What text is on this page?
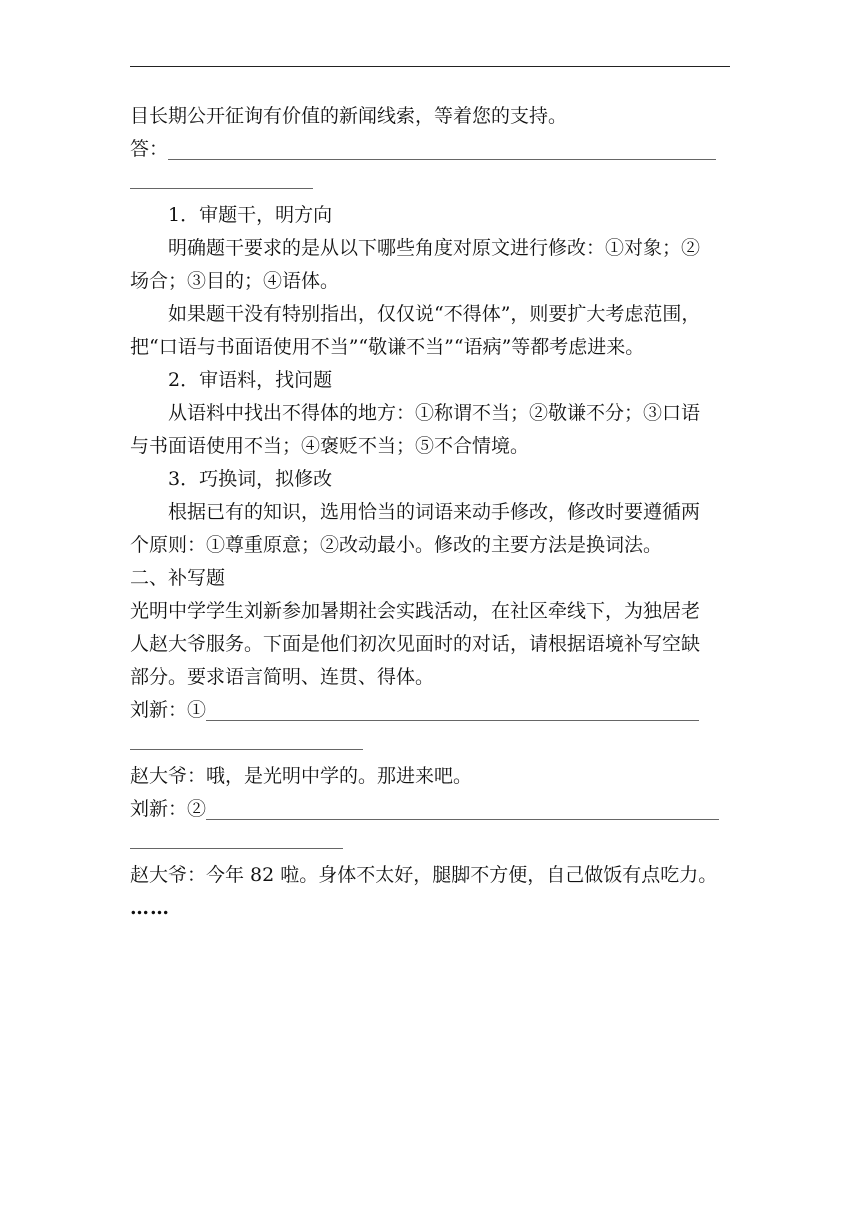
目长期公开征询有价值的新闻线索，等着您的支持。
答：
1．审题干，明方向
明确题干要求的是从以下哪些角度对原文进行修改：①对象；②
场合；③目的；④语体。
如果题干没有特别指出，仅仅说“不得体”，则要扩大考虑范围，
把“口语与书面语使用不当”“敬谦不当”“语病”等都考虑进来。
2．审语料，找问题
从语料中找出不得体的地方：①称谓不当；②敬谦不分；③口语
与书面语使用不当；④褒贬不当；⑤不合情境。
3．巧换词，拟修改
根据已有的知识，选用恰当的词语来动手修改，修改时要遵循两
个原则：①尊重原意；②改动最小。修改的主要方法是换词法。
二、补写题
光明中学学生刘新参加暑期社会实践活动，在社区牵线下，为独居老
人赵大爷服务。下面是他们初次见面时的对话，请根据语境补写空缺
部分。要求语言简明、连贯、得体。
刘新：①
赵大爷：哦，是光明中学的。那进来吧。
刘新：②
赵大爷：今年 82 啦。身体不太好，腿脚不方便，自己做饭有点吃力。
……
